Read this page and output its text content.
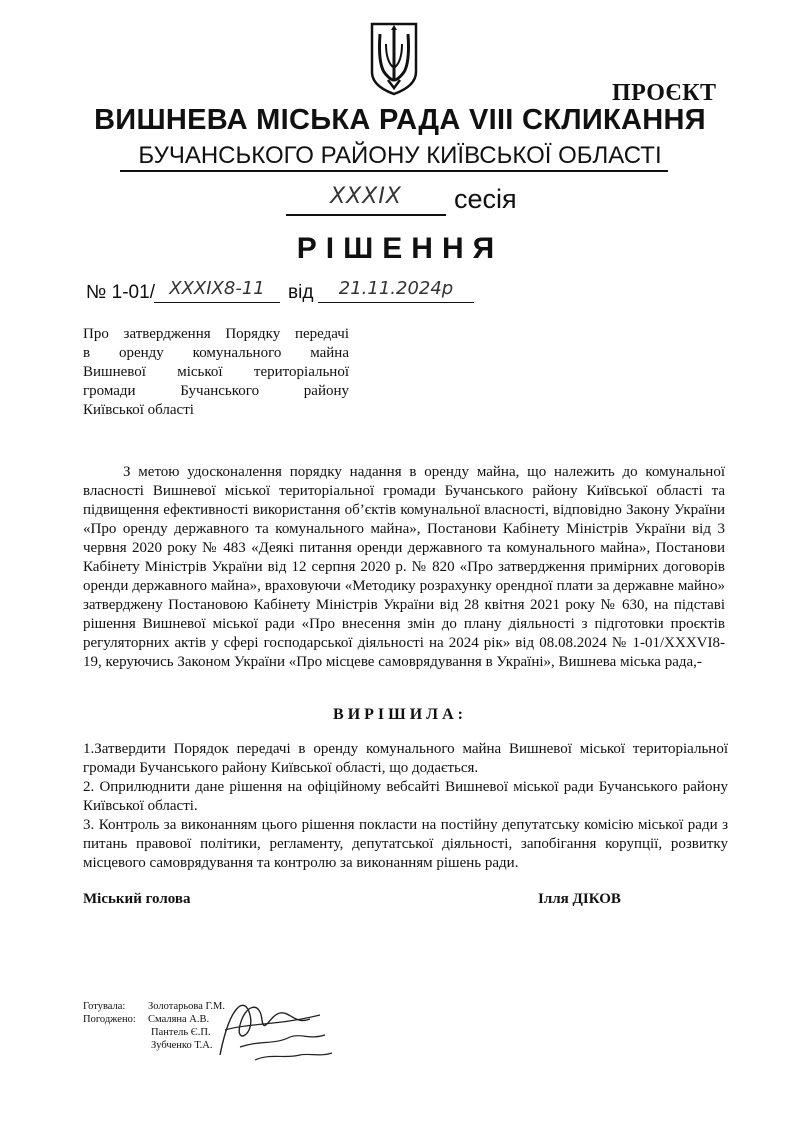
ПРОЄКТ
ВИШНЕВА МІСЬКА РАДА VIII СКЛИКАННЯ
БУЧАНСЬКОГО РАЙОНУ КИЇВСЬКОЇ ОБЛАСТІ
XXXIX	сесія
РІШЕННЯ
№ 1-01/ XXXIX8-11	від	21.11.2024р
Про затвердження Порядку передачі
в оренду комунального майна
Вишневої міської територіальної
громади Бучанського району
Київської області

З метою удосконалення порядку надання в оренду майна, що належить до комунальної власності Вишневої міської територіальної громади Бучанського району Київської області та підвищення ефективності використання об’єктів комунальної власності, відповідно Закону України «Про оренду державного та комунального майна», Постанови Кабінету Міністрів України від 3 червня 2020 року № 483 «Деякі питання оренди державного та комунального майна», Постанови Кабінету Міністрів України від 12 серпня 2020 р. № 820 «Про затвердження примірних договорів оренди державного майна», враховуючи «Методику розрахунку орендної плати за державне майно» затверджену Постановою Кабінету Міністрів України від 28 квітня 2021 року № 630, на підставі рішення Вишневої міської ради «Про внесення змін до плану діяльності з підготовки проєктів регуляторних актів у сфері господарської діяльності на 2024 рік» від 08.08.2024 № 1-01/XXXVI8-19, керуючись Законом України «Про місцеве самоврядування в Україні», Вишнева міська рада,-

ВИРІШИЛА:

1.Затвердити Порядок передачі в оренду комунального майна Вишневої міської територіальної громади Бучанського району Київської області, що додається.

2. Оприлюднити дане рішення на офіційному вебсайті Вишневої міської ради Бучанського району Київської області.

3. Контроль за виконанням цього рішення покласти на постійну депутатську комісію міської ради з питань правової політики, регламенту, депутатської діяльності, запобігання корупції, розвитку місцевого самоврядування та контролю за виконанням рішень ради.

Міський голова	Ілля ДІКОВ
Готувала: Золотарьова Г.М.
Погоджено: Смаляна А.В.
Пантель Є.П.
Зубченко Т.А.
